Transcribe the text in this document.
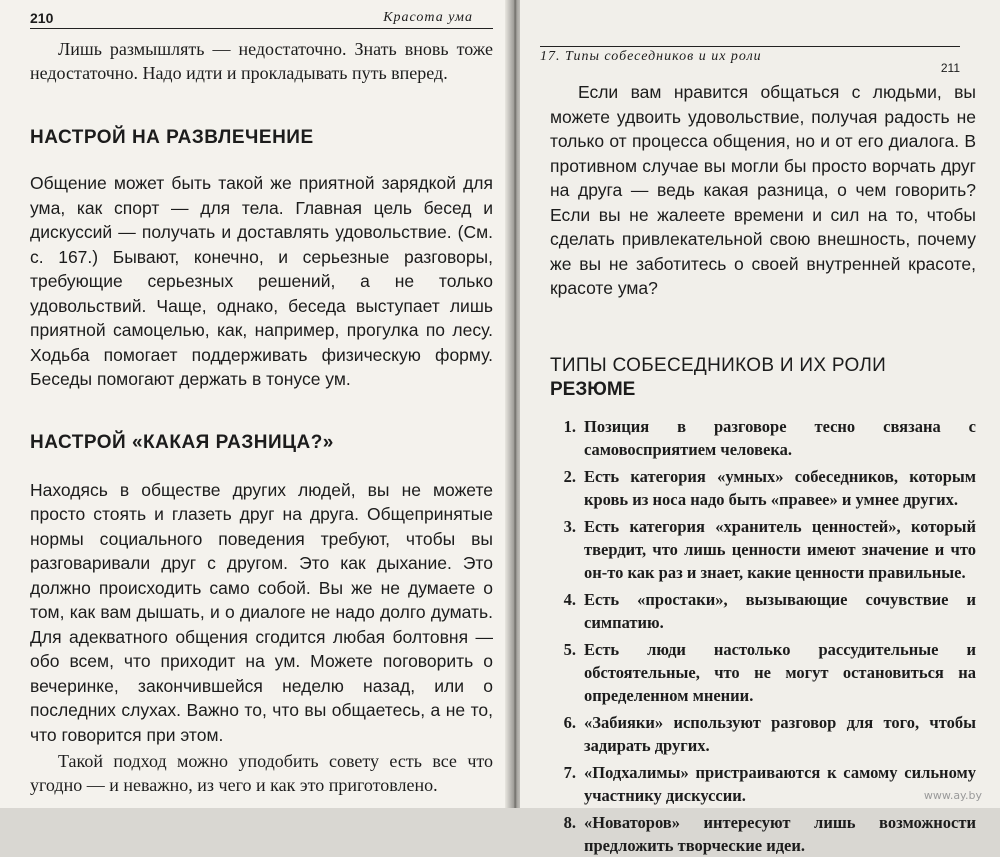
210	Красота ума

Лишь размышлять — недостаточно. Знать вновь тоже недостаточно. Надо идти и прокладывать путь вперед.

НАСТРОЙ НА РАЗВЛЕЧЕНИЕ

Общение может быть такой же приятной зарядкой для ума, как спорт — для тела. Главная цель бесед и дискуссий — получать и доставлять удовольствие. (См. с. 167.) Бывают, конечно, и серьезные разговоры, требующие серьезных решений, а не только удовольствий. Чаще, однако, беседа выступает лишь приятной самоцелью, как, например, прогулка по лесу. Ходьба помогает поддерживать физическую форму. Беседы помогают держать в тонусе ум.

НАСТРОЙ «КАКАЯ РАЗНИЦА?»

Находясь в обществе других людей, вы не можете просто стоять и глазеть друг на друга. Общепринятые нормы социального поведения требуют, чтобы вы разговаривали друг с другом. Это как дыхание. Это должно происходить само собой. Вы же не думаете о том, как вам дышать, и о диалоге не надо долго думать. Для адекватного общения сгодится любая болтовня — обо всем, что приходит на ум. Можете поговорить о вечеринке, закончившейся неделю назад, или о последних слухах. Важно то, что вы общаетесь, а не то, что говорится при этом.

Такой подход можно уподобить совету есть все что угодно — и неважно, из чего и как это приготовлено.

Если вам нравится общаться с людьми, вы можете удвоить удовольствие, получая радость не только от процесса общения, но и от его диалога. В противном случае вы могли бы просто ворчать друг на друга — ведь какая разница, о чем говорить? Если вы не жалеете времени и сил на то, чтобы сделать привлекательной свою внешность, почему же вы не заботитесь о своей внутренней красоте, красоте ума?

ТИПЫ СОБЕСЕДНИКОВ И ИХ РОЛИ
РЕЗЮМЕ
1. Позиция в разговоре тесно связана с самовосприятием человека.
2. Есть категория «умных» собеседников, которым кровь из носа надо быть «правее» и умнее других.
3. Есть категория «хранитель ценностей», который твердит, что лишь ценности имеют значение и что он-то как раз и знает, какие ценности правильные.
4. Есть «простаки», вызывающие сочувствие и симпатию.
5. Есть люди настолько рассудительные и обстоятельные, что не могут остановиться на определенном мнении.
6. «Забияки» используют разговор для того, чтобы задирать других.
7. «Подхалимы» пристраиваются к самому сильному участнику дискуссии.
8. «Новаторов» интересуют лишь возможности предложить творческие идеи.
17. Типы собеседников и их роли
211
www.ay.by
